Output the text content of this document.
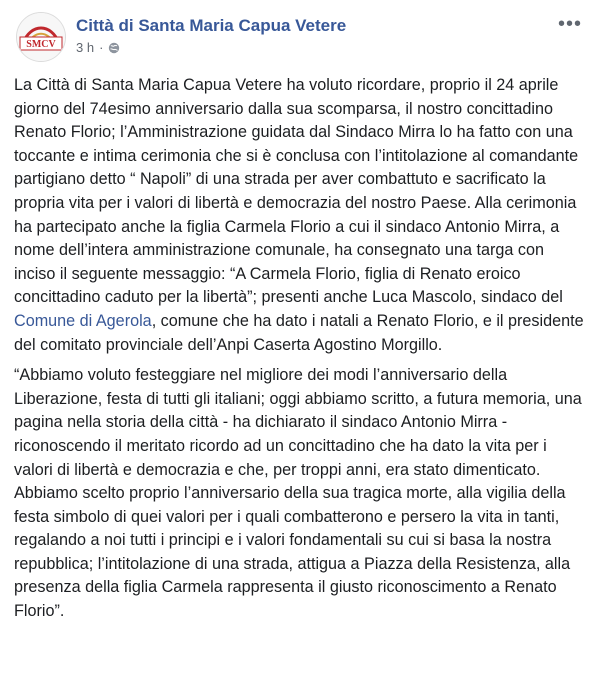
SMCV
Città di Santa Maria Capua Vetere
3 h ·
•••

La Città di Santa Maria Capua Vetere ha voluto ricordare, proprio il 24 aprile giorno del 74esimo anniversario dalla sua scomparsa, il nostro concittadino Renato Florio; l’Amministrazione guidata dal Sindaco Mirra lo ha fatto con una toccante e intima cerimonia che si è conclusa con l’intitolazione al comandante partigiano detto “ Napoli” di una strada per aver combattuto e sacrificato la propria vita per i valori di libertà e democrazia del nostro Paese. Alla cerimonia ha partecipato anche la figlia Carmela Florio a cui il sindaco Antonio Mirra, a nome dell’intera amministrazione comunale, ha consegnato una targa con inciso il seguente messaggio: “A Carmela Florio, figlia di Renato eroico concittadino caduto per la libertà”; presenti anche Luca Mascolo, sindaco del Comune di Agerola, comune che ha dato i natali a Renato Florio, e il presidente del comitato provinciale dell’Anpi Caserta Agostino Morgillo.

“Abbiamo voluto festeggiare nel migliore dei modi l’anniversario della Liberazione, festa di tutti gli italiani; oggi abbiamo scritto, a futura memoria, una pagina nella storia della città - ha dichiarato il sindaco Antonio Mirra - riconoscendo il meritato ricordo ad un concittadino che ha dato la vita per i valori di libertà e democrazia e che, per troppi anni, era stato dimenticato. Abbiamo scelto proprio l’anniversario della sua tragica morte, alla vigilia della festa simbolo di quei valori per i quali combatterono e persero la vita in tanti, regalando a noi tutti i principi e i valori fondamentali su cui si basa la nostra repubblica; l’intitolazione di una strada, attigua a Piazza della Resistenza, alla presenza della figlia Carmela rappresenta il giusto riconoscimento a Renato Florio”.
